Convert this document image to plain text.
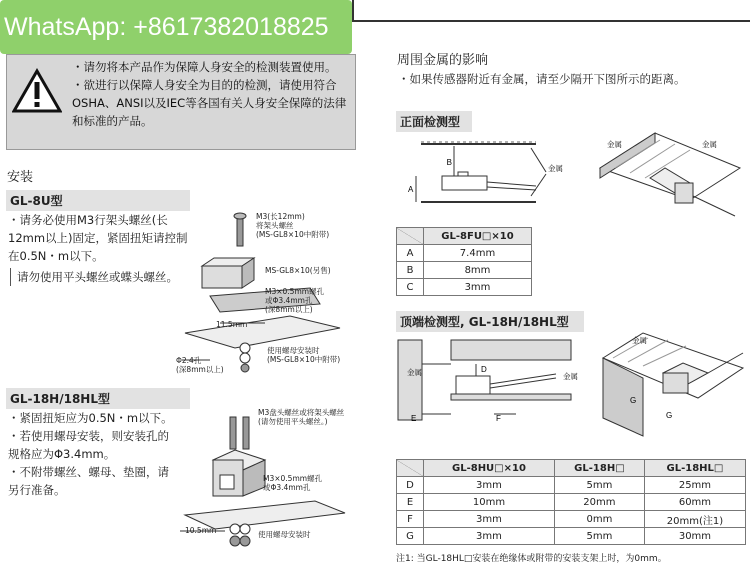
WhatsApp: +8617382018825
・请勿将本产品作为保障人身安全的检测装置使用。
・欲进行以保障人身安全为目的的检测，请使用符合OSHA、ANSI以及IEC等各国有关人身安全保障的法律和标准的产品。
安装
GL-8U型
・请务必使用M3行架头螺丝(长12mm以上)固定，紧固扭矩请控制在0.5N・m以下。
请勿使用平头螺丝或蝶头螺丝。
M3(长12mm)
将架头螺丝
(MS-GL8×10中附带)
MS-GL8×10(另售)
M3×0.5mm螺孔
或Φ3.4mm孔
(深8mm以上)
11.5mm
Φ2.4孔
(深8mm以上)
使用螺母安装时
(MS-GL8×10中附带)
GL-18H/18HL型
・紧固扭矩应为0.5N・m以下。
・若使用螺母安装，则安装孔的规格应为Φ3.4mm。
・不附带螺丝、螺母、垫圈，请另行准备。
M3盘头螺丝或将架头螺丝
(请勿使用平头螺丝。)
M3×0.5mm螺孔
或Φ3.4mm孔
10.5mm	使用螺母安装时
周围金属的影响
・如果传感器附近有金属，请至少隔开下图所示的距离。
正面检测型
B
A
金属
金属	金属
	GL-8FU□×10
A	7.4mm
B	8mm
C	3mm
顶端检测型, GL-18H/18HL型
D
E	F
金属	金属
G
G
金属
	GL-8HU□×10	GL-18H□	GL-18HL□
D	3mm	5mm	25mm
E	10mm	20mm	60mm
F	3mm	0mm	20mm(注1)
G	3mm	5mm	30mm
注1: 当GL-18HL□安装在绝缘体或附带的安装支架上时，为0mm。
